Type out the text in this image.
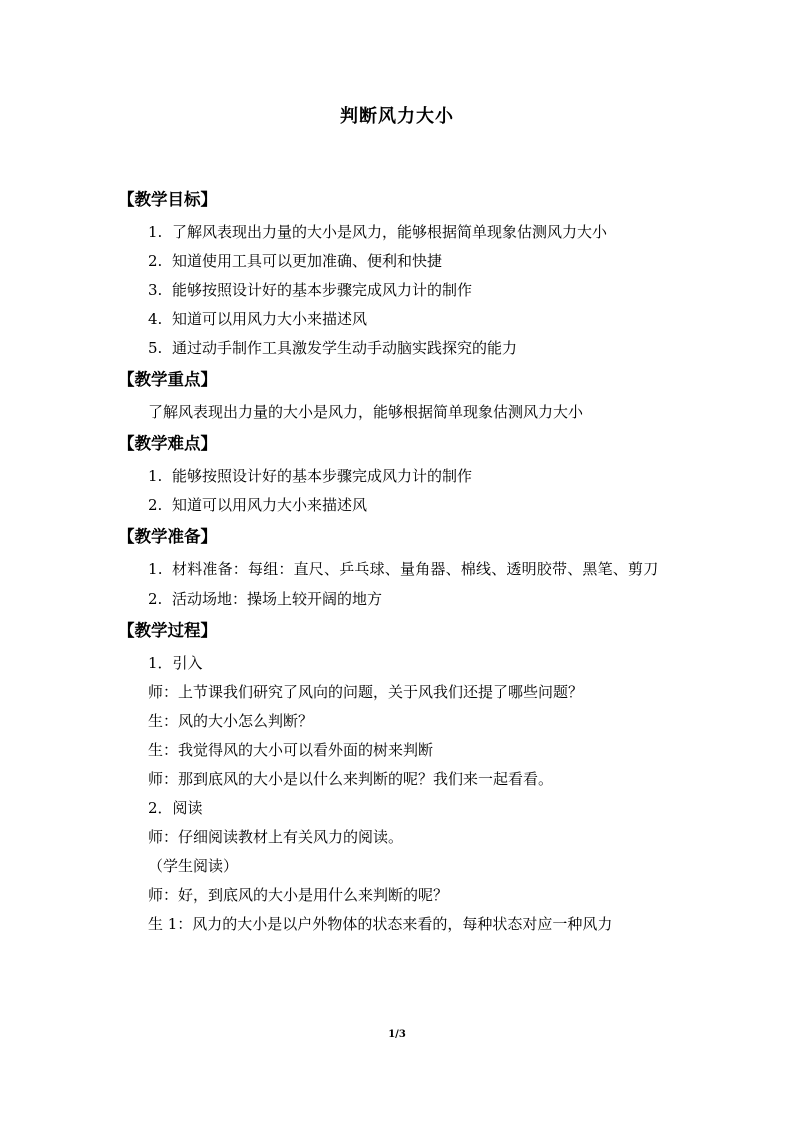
判断风力大小
【教学目标】
1. 了解风表现出力量的大小是风力，能够根据简单现象估测风力大小
2. 知道使用工具可以更加准确、便利和快捷
3. 能够按照设计好的基本步骤完成风力计的制作
4. 知道可以用风力大小来描述风
5. 通过动手制作工具激发学生动手动脑实践探究的能力
【教学重点】
了解风表现出力量的大小是风力，能够根据简单现象估测风力大小
【教学难点】
1. 能够按照设计好的基本步骤完成风力计的制作
2. 知道可以用风力大小来描述风
【教学准备】
1. 材料准备：每组：直尺、乒乓球、量角器、棉线、透明胶带、黑笔、剪刀
2. 活动场地：操场上较开阔的地方
【教学过程】
1．引入
师：上节课我们研究了风向的问题，关于风我们还提了哪些问题？
生：风的大小怎么判断？
生：我觉得风的大小可以看外面的树来判断
师：那到底风的大小是以什么来判断的呢？我们来一起看看。
2．阅读
师：仔细阅读教材上有关风力的阅读。
（学生阅读）
师：好，到底风的大小是用什么来判断的呢？
生 1：风力的大小是以户外物体的状态来看的，每种状态对应一种风力
1/3
